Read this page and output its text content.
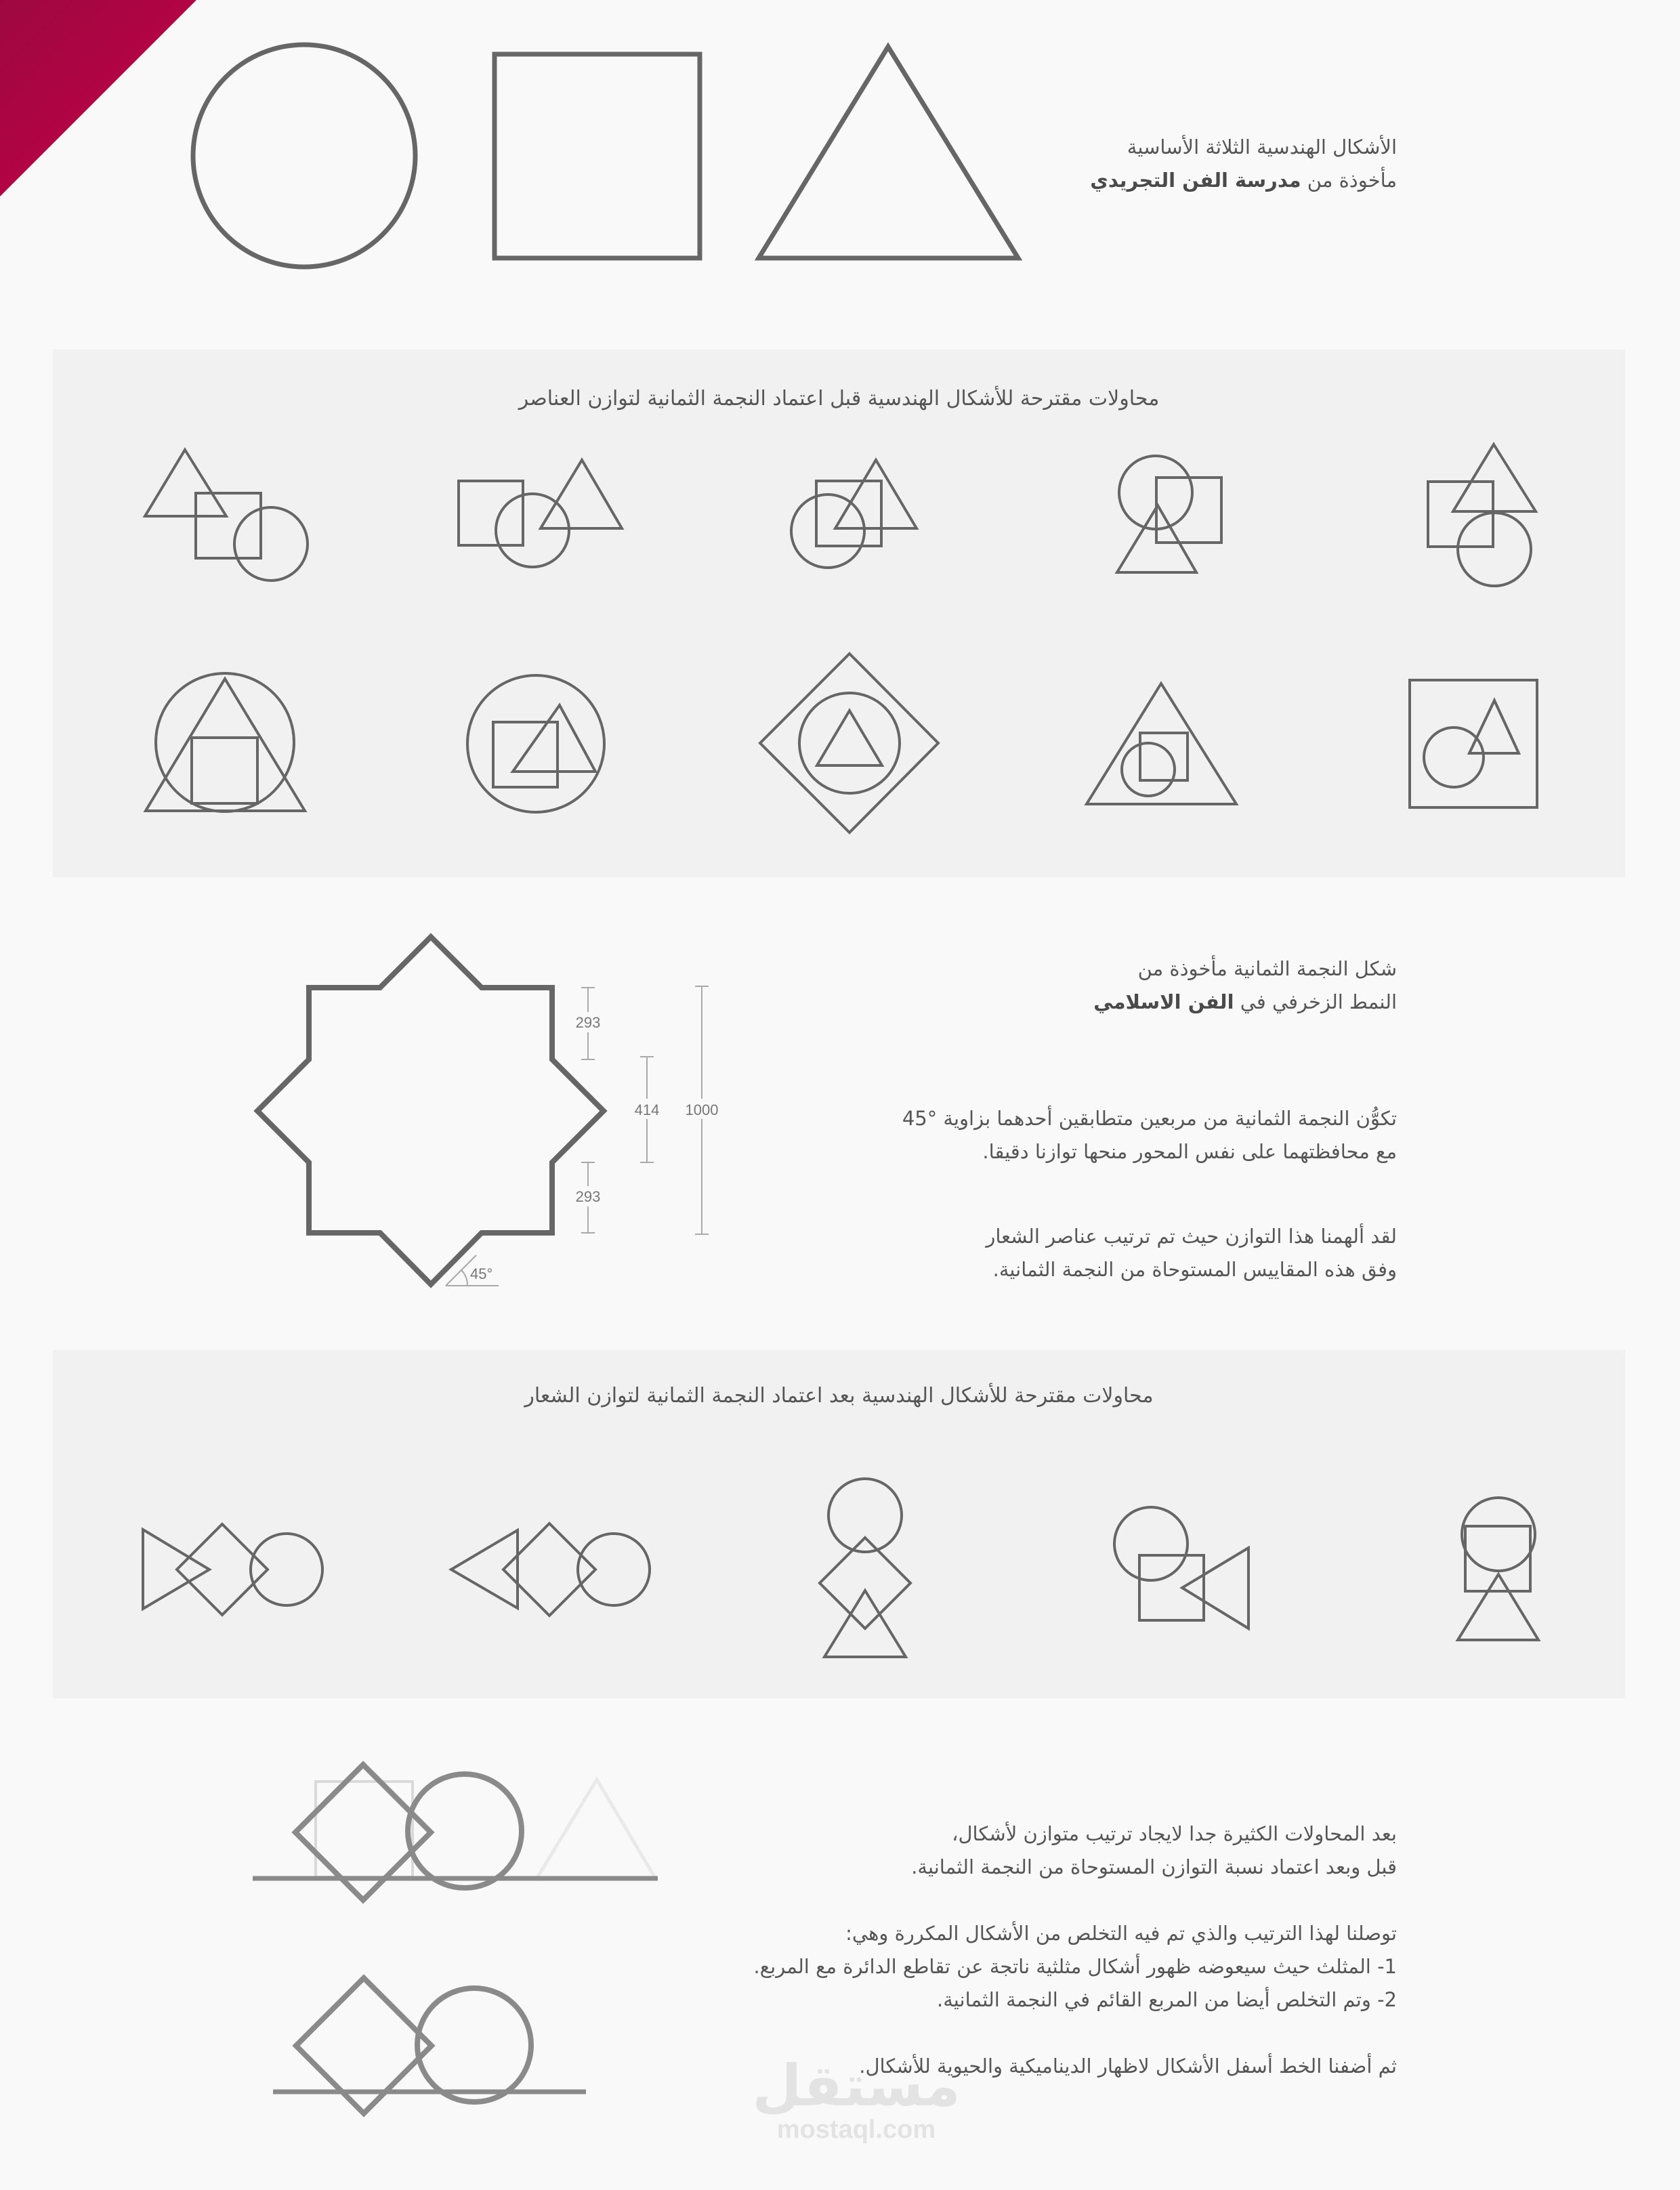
الأشكال الهندسية الثلاثة الأساسية
مأخوذة من مدرسة الفن التجريدي
محاولات مقترحة للأشكال الهندسية قبل اعتماد النجمة الثمانية لتوازن العناصر
293
414
293
1000
45°
شكل النجمة الثمانية مأخوذة من
النمط الزخرفي في الفن الاسلامي
تكوُّن النجمة الثمانية من مربعين متطابقين أحدهما بزاوية °45
مع محافظتهما على نفس المحور منحها توازنا دقيقا.
لقد ألهمنا هذا التوازن حيث تم ترتيب عناصر الشعار
وفق هذه المقاييس المستوحاة من النجمة الثمانية.
محاولات مقترحة للأشكال الهندسية بعد اعتماد النجمة الثمانية لتوازن الشعار
بعد المحاولات الكثيرة جدا لايجاد ترتيب متوازن لأشكال،
قبل وبعد اعتماد نسبة التوازن المستوحاة من النجمة الثمانية.
توصلنا لهذا الترتيب والذي تم فيه التخلص من الأشكال المكررة وهي:
1- المثلث حيث سيعوضه ظهور أشكال مثلثية ناتجة عن تقاطع الدائرة مع المربع.
2- وتم التخلص أيضا من المربع القائم في النجمة الثمانية.
ثم أضفنا الخط أسفل الأشكال لاظهار الديناميكية والحيوية للأشكال.
مستقل
mostaql.com
